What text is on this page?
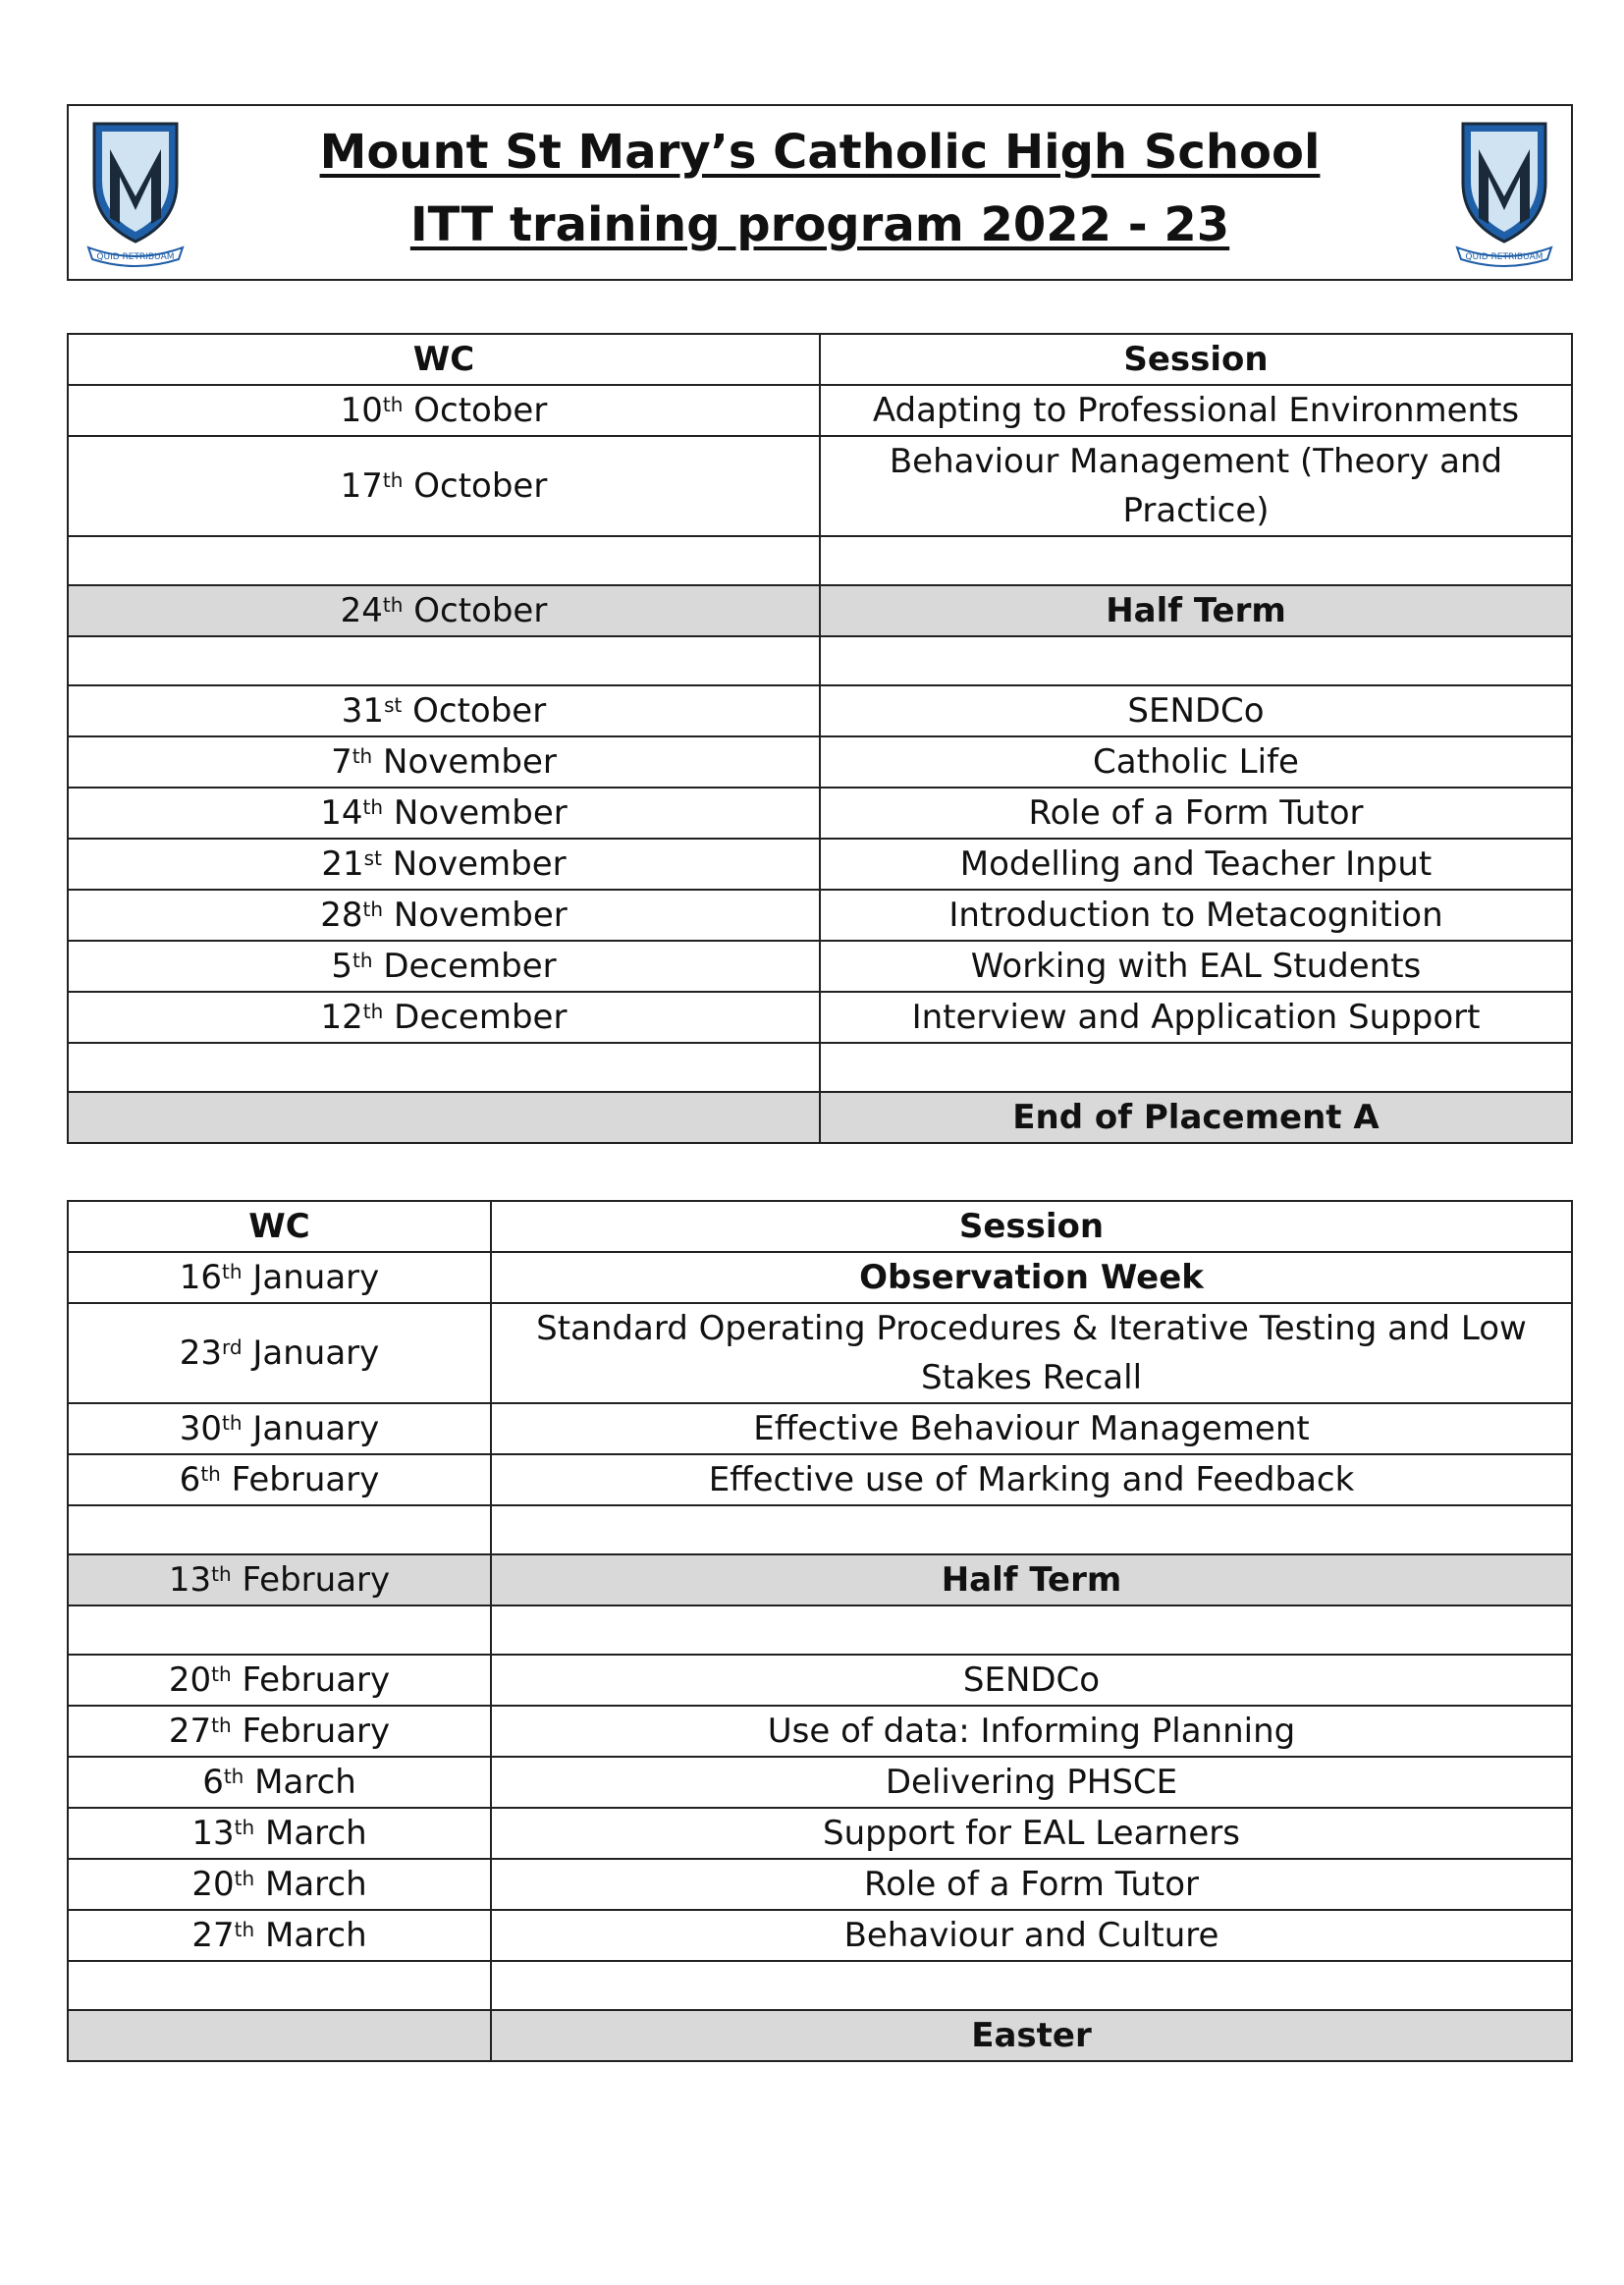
QUID RETRIBUAM
Mount St Mary’s Catholic High School
ITT training program 2022 - 23
QUID RETRIBUAM
WC	Session
10th October	Adapting to Professional Environments
17th October	Behaviour Management (Theory and Practice)

24th October	Half Term

31st October	SENDCo
7th November	Catholic Life
14th November	Role of a Form Tutor
21st November	Modelling and Teacher Input
28th November	Introduction to Metacognition
5th December	Working with EAL Students
12th December	Interview and Application Support

	End of Placement A
WC	Session
16th January	Observation Week
23rd January	Standard Operating Procedures & Iterative Testing and Low Stakes Recall
30th January	Effective Behaviour Management
6th February	Effective use of Marking and Feedback

13th February	Half Term

20th February	SENDCo
27th February	Use of data: Informing Planning
6th March	Delivering PHSCE
13th March	Support for EAL Learners
20th March	Role of a Form Tutor
27th March	Behaviour and Culture

	Easter
